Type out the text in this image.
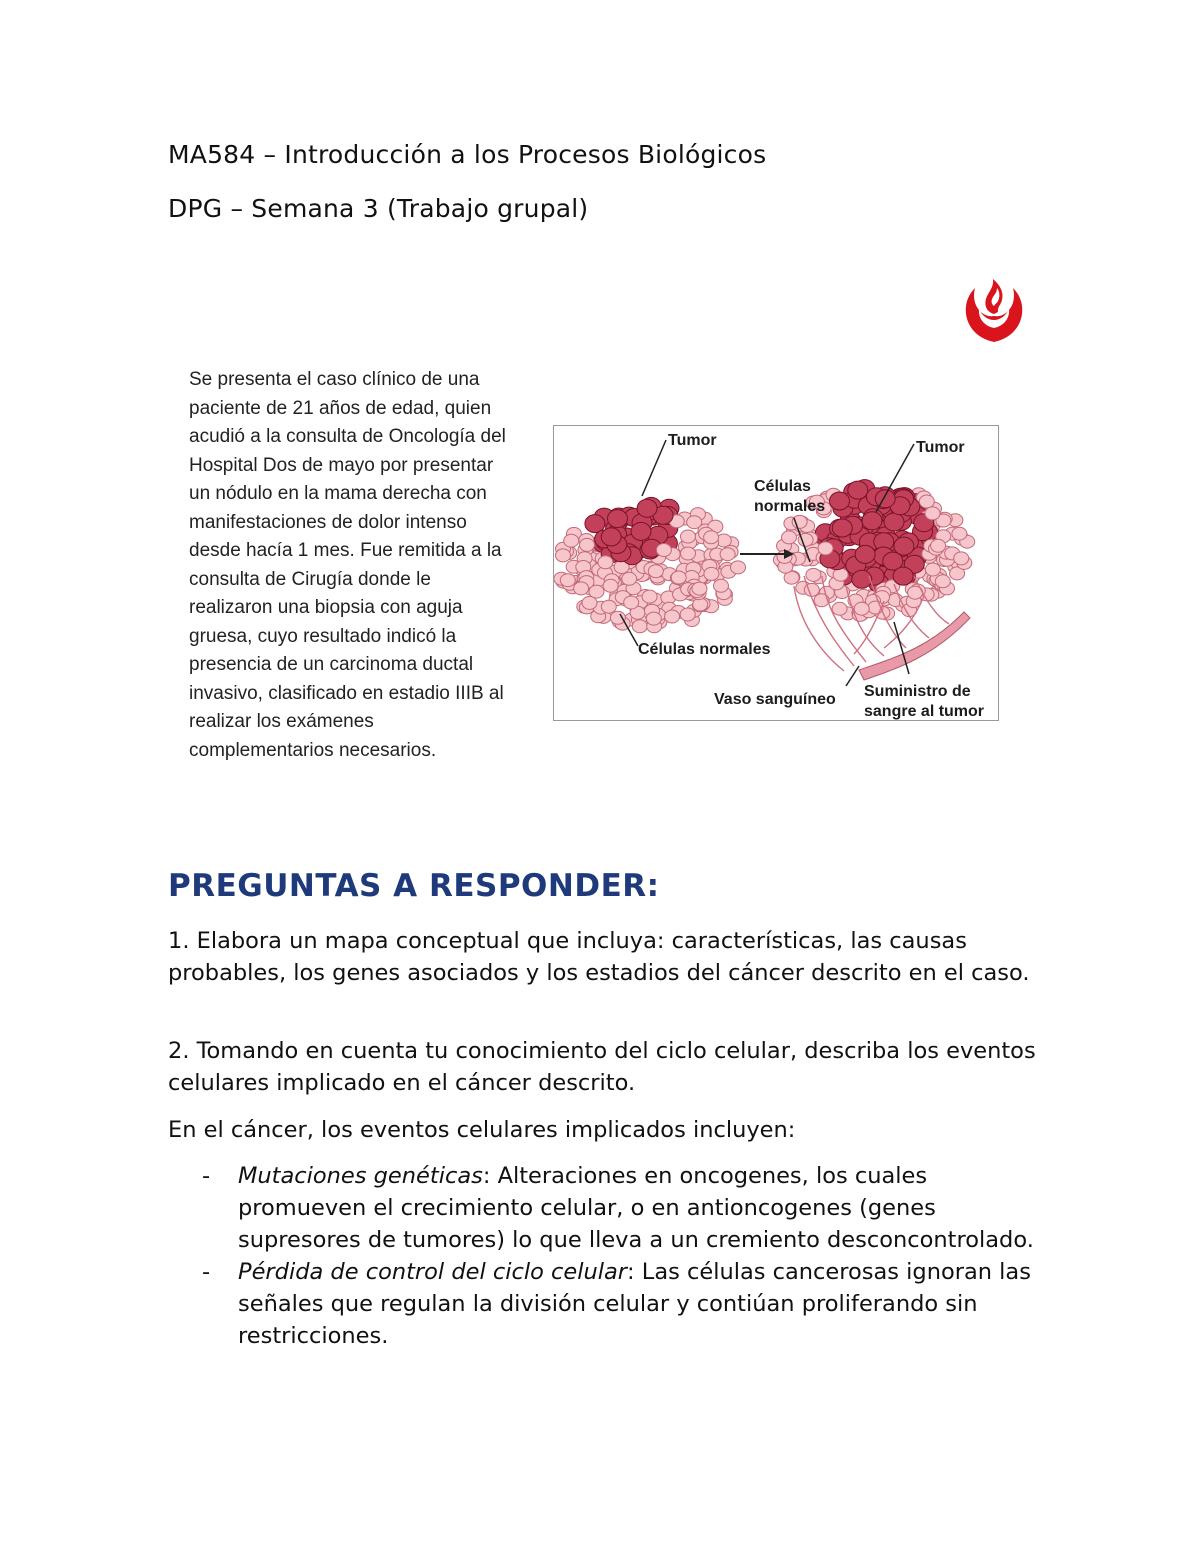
MA584 – Introducción a los Procesos Biológicos
DPG – Semana 3 (Trabajo grupal)
Se presenta el caso clínico de una
paciente de 21 años de edad, quien
acudió a la consulta de Oncología del
Hospital Dos de mayo por presentar
un nódulo en la mama derecha con
manifestaciones de dolor intenso
desde hacía 1 mes. Fue remitida a la
consulta de Cirugía donde le
realizaron una biopsia con aguja
gruesa, cuyo resultado indicó la
presencia de un carcinoma ductal
invasivo, clasificado en estadio IIIB al
realizar los exámenes
complementarios necesarios.
Tumor	Tumor
Células
normales
Células normales
Vaso sanguíneo Suministro de
sangre al tumor
PREGUNTAS A RESPONDER:
1. Elabora un mapa conceptual que incluya: características, las causas probables, los genes asociados y los estadios del cáncer descrito en el caso.
2. Tomando en cuenta tu conocimiento del ciclo celular, describa los eventos celulares implicado en el cáncer descrito.
En el cáncer, los eventos celulares implicados incluyen:
- Mutaciones genéticas: Alteraciones en oncogenes, los cuales promueven el crecimiento celular, o en antioncogenes (genes supresores de tumores) lo que lleva a un cremiento desconcontrolado.
- Pérdida de control del ciclo celular: Las células cancerosas ignoran las señales que regulan la división celular y contiúan proliferando sin restricciones.
